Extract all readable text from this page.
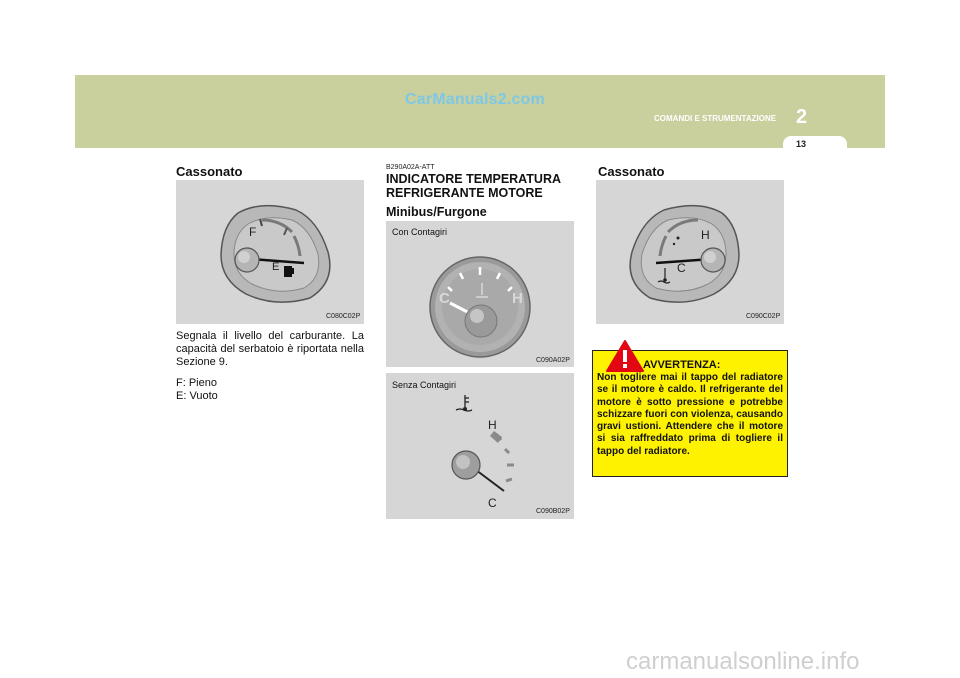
CarManuals2.com
COMANDI E STRUMENTAZIONE 2
13
Cassonato
F
E
C080C02P

Segnala il livello del carburante. La capacità del serbatoio è riportata nella Sezione 9.

F: Pieno
E: Vuoto
B290A02A-ATT
INDICATORE TEMPERATURA REFRIGERANTE MOTORE
Minibus/Furgone
Con Contagiri
C	H
C090A02P
Senza Contagiri
H
C
C090B02P
Cassonato
H
C
C090C02P
AVVERTENZA:
Non togliere mai il tappo del radiatore se il motore è caldo. Il refrigerante del motore è sotto pressione e potrebbe schizzare fuori con violenza, causando gravi ustioni. Attendere che il motore si sia raffreddato prima di togliere il tappo del radiatore.
carmanualsonline.info
